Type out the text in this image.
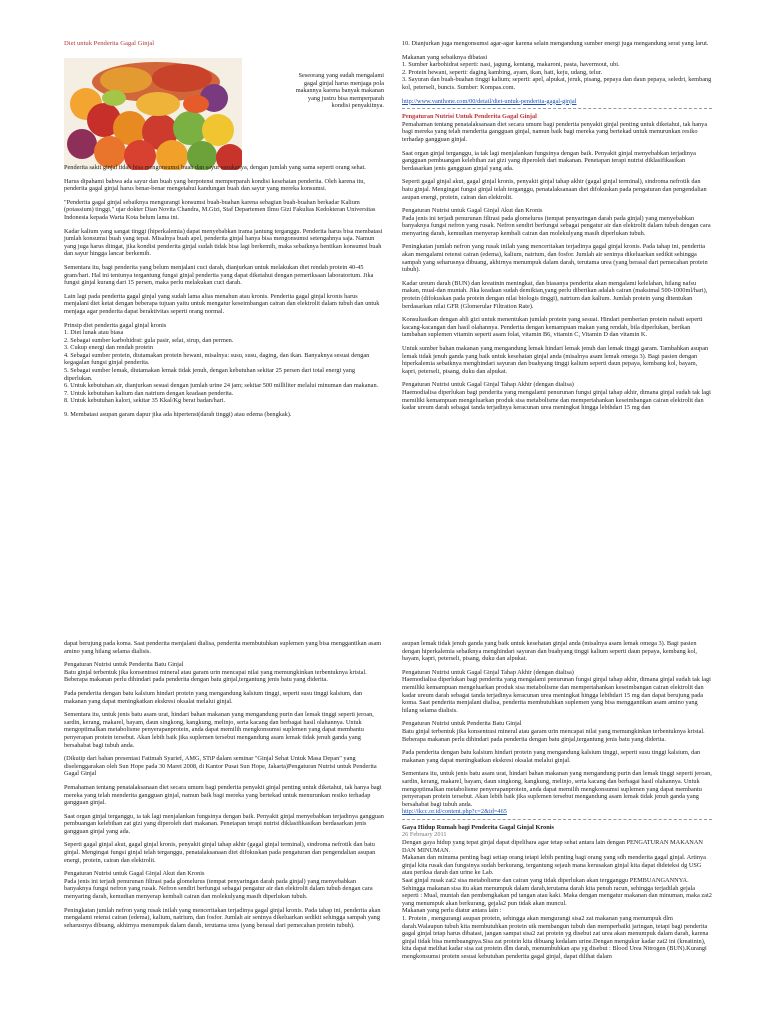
Diet untuk Penderita Gagal Ginjal

Seseorang yang sudah mengalami gagal ginjal harus menjaga pola makannya karena banyak makanan yang justru bisa memperparah kondisi penyakitnya.

Penderita sakit ginjal tidak bisa mengonsumsi buah dan sayur sesukanya, dengan jumlah yang sama seperti orang sehat.

Harus dipahami bahwa ada sayur dan buah yang berpotensi memperparah kondisi kesehatan penderita. Oleh karena itu, penderita gagal ginjal harus benar-benar mengetahui kandungan buah dan sayur yang mereka konsumsi.

"Penderita gagal ginjal sebaiknya mengurangi konsumsi buah-buahan karena sebagian buah-buahan berkadar Kalium (potassium) tinggi," ujar dokter Dian Novita Chandra, M.Gizi, Staf Departemen Ilmu Gizi Fakultas Kedokteran Universitas Indonesia kepada Warta Kota belum lama ini.

Kadar kalium yang sangat tinggi (hiperkalemia) dapat menyebabkan irama jantung terganggu. Penderita harus bisa membatasi jumlah konsumsi buah yang tepat. Misalnya buah apel, penderita ginjal hanya bisa mengonsumsi setengahnya saja. Namun yang juga harus diingat, jika kondisi penderita ginjal sudah tidak bisa lagi berkemih, maka sebaiknya hentikan konsumsi buah dan sayur hingga lancar berkemih.

Sementara itu, bagi penderita yang belum menjalani cuci darah, dianjurkan untuk melakukan diet rendah protein 40-45 gram/hari. Hal ini tentunya tergantung fungsi ginjal penderita yang dapat diketahui dengan pemeriksaan laboratorium. Jika fungsi ginjal kurang dari 15 persen, maka perlu melakukan cuci darah.

Lain lagi pada penderita gagal ginjal yang sudah lama alias menahun atau kronis. Penderita gagal ginjal kronis harus menjalani diet ketat dengan beberapa tujuan yaitu untuk mengatur keseimbangan cairan dan elektrolit dalam tubuh dan untuk menjaga agar penderita dapat beraktivitas seperti orang normal.

Prinsip diet penderita gagal ginjal kronis

1. Diet lunak atau biasa

2. Sebagai sumber karbohidrat: gula pasir, selai, sirup, dan permen.

3. Cukup energi dan rendah protein

4. Sebagai sumber protein, diutamakan protein hewani, misalnya: susu, susu, daging, dan ikan. Banyaknya sesuai dengan kegagalan fungsi ginjal penderita.

5. Sebagai sumber lemak, diutamakan lemak tidak jenuh, dengan kebutuhan sekitar 25 persen dari total energi yang diperlukan.

6. Untuk kebutuhan air, dianjurkan sesuai dengan jumlah urine 24 jam; sekitar 500 milliliter melalui minuman dan makanan.

7. Untuk kebutuhan kalium dan natrium dengan keadaan penderita.

8. Untuk kebutuhan kalori, sekitar 35 Kkal/Kg berat badan/hari.

9. Membatasi asupan garam dapur jika ada hipertensi(darah tinggi) atau edema (bengkak).

10. Dianjurkan juga mengonsumsi agar-agar karena selain mengandung sumber energi juga mengandung serat yang larut.

Makanan yang sebaiknya dibatasi

1. Sumber karbohidrat seperti: nasi, jagung, kentang, makaroni, pasta, havermout, ubi.

2. Protein hewani, seperti: daging kambing, ayam, ikan, hati, keju, udang, telur.

3. Sayuran dan buah-buahan tinggi kalium; seperti: apel, alpukat, jeruk, pisang, pepaya dan daun pepaya, seledri, kembang kol, peterseli, buncis. Sumber: Kompas.com.

http://www.vanthone.com/00/detail/diet-untuk-penderita-gagal-ginjal

Pengaturan Nutrisi Untuk Penderita Gagal Ginjal

Pemahaman tentang penatalaksanaan diet secara umum bagi penderita penyakit ginjal penting untuk diketahui, tak hanya bagi mereka yang telah menderita gangguan ginjal, namun baik bagi mereka yang bertekad untuk menurunkan resiko terhadap gangguan ginjal.

Saat organ ginjal terganggu, ia tak lagi menjalankan fungsinya dengan baik. Penyakit ginjal menyebabkan terjadinya gangguan pembuangan kelebihan zat gizi yang diperoleh dari makanan. Penetapan terapi nutrisi diklasifikasikan berdasarkan jenis gangguan ginjal yang ada.

Seperti gagal ginjal akut, gagal ginjal kronis, penyakit ginjal tahap akhir (gagal ginjal terminal), sindroma nefrotik dan batu ginjal. Mengingat fungsi ginjal telah terganggu, penatalaksanaan diet difokuskan pada pengaturan dan pengendalian asupan energi, protein, cairan dan elektrolit.

Pengaturan Nutrisi untuk Gagal Ginjal Akut dan Kronis
Pada jenis ini terjadi penurunan filtrasi pada glomelurus (tempat penyaringan darah pada ginjal) yang menyebabkan banyaknya fungsi nefron yang rusak. Nefron sendiri berfungsi sebagai pengatur air dan elektrolit dalam tubuh dengan cara menyaring darah, kemudian menyerap kembali cairan dan molekulyang masih diperlukan tubuh.

Peningkatan jumlah nefron yang rusak inilah yang menceritakan terjadinya gagal ginjal kronis. Pada tahap ini, penderita akan mengalami retensi cairan (edema), kalium, natrium, dan fosfor. Jumlah air seninya dikeluarkan sedikit sehingga sampah yang seharusnya dibuang, akhirnya menumpuk dalam darah, terutama urea (yang berasal dari pemecahan protein tubuh).

Kadar ureum darah (BUN) dan kreatinin meningkat, dan biasanya penderita akan mengalami kelelahan, hilang nafsu makan, mual-dan muntah. Jika keadaan sudah demikian,yang perlu diberikan adalah cairan (maksimal 500-1000ml/hari), protein (difokuskan pada protein dengan nilai biologis tinggi), natrium dan kalium. Jumlah protein yang ditentukan berdasarkan nilai GFR (Glomerular Filtration Rate).

Konsultasikan dengan ahli gizi untuk menentukan jumlah protein yang sesuai. Hindari pemberian protein nabati seperti kacang-kacangan dan hasil olahannya. Penderita dengan kemampuan makan yang rendah, bila diperlukan, berikan tambahan suplemen vitamin seperti asam folat, vitamin B6, vitamin C, Vitamin D dan vitamin K.

Untuk sumber bahan makanan yang mengandung lemak hindari lemak jenuh dan lemak tinggi garam. Tambahkan asupan lemak tidak jenuh ganda yang baik untuk kesehatan ginjal anda (misalnya asam lemak omega 3). Bagi pasien dengan hiperkalemia sebaiknya menghindari sayuran dan buahyang tinggi kalium seperti daun pepaya, kembang kol, bayam, kapri, peterseli, pisang, duku dan alpukat.

Pengaturan Nutrisi untuk Gagal Ginjal Tahap Akhir (dengan dialisa)
Haemodialisa diperlukan bagi penderita yang mengalami penurunan fungsi ginjal tahap akhir, dimana ginjal sudah tak lagi memiliki kemampuan mengeluarkan produk sisa metabolisme dan mempertahankan keseimbangan cairan elektrolit dan kadar ureum darah sebagai tanda terjadinya keracunan urea meningkat hingga lebihdari 15 mg dan

dapat berujung pada koma. Saat penderita menjalani dialisa, penderita membutuhkan suplemen yang bisa menggantikan asam amino yang hilang selama dialisis.

Pengaturan Nutrisi untuk Penderita Batu Ginjal
Batu ginjal terbentuk jika konsentrasi mineral atau garam urin mencapai nilai yang memungkinkan terbentuknya kristal. Beberapa makanan perlu dihindari pada penderita dengan batu ginjal,tergantung jenis batu yang diderita.

Pada penderita dengan batu kalsium hindari protein yang mengandung kalsium tinggi, seperti susu tinggi kalsium, dan makanan yang dapat meningkatkan ekskresi oksalat melalui ginjal.

Sementara itu, untuk jenis batu asam urat, hindari bahan makanan yang mengandung purin dan lemak tinggi seperti jeroan, sardin, kerang, makarel, bayam, daun singkong, kangkung, melinjo, serta kacang dan berbagai hasil olahannya. Untuk mengoptimalkan metabolisme penyerapanprotein, anda dapat memilih mengkonsumsi suplemen yang dapat membantu penyerapan protein tersebut. Akan lebih baik jika suplemen tersebut mengandung asam lemak tidak jenuh ganda yang bersahabat bagi tubuh anda.

(Dikutip dari bahan presentasi Fatimah Syarief, AMG, STiP dalam seminar "Ginjal Sehat Untuk Masa Depan" yang diselenggarakan oleh Sun Hope pada 30 Maret 2008, di Kantor Pusat Sun Hope, Jakarta)Pengaturan Nutrisi untuk Penderita Gagal Ginjal

Pemahaman tentang penatalaksanaan diet secara umum bagi penderita penyakit ginjal penting untuk diketahui, tak hanya bagi mereka yang telah menderita gangguan ginjal, namun baik bagi mereka yang bertekad untuk menurunkan resiko terhadap gangguan ginjal.

Saat organ ginjal terganggu, ia tak lagi menjalankan fungsinya dengan baik. Penyakit ginjal menyebabkan terjadinya gangguan pembuangan kelebihan zat gizi yang diperoleh dari makanan. Penetapan terapi nutrisi diklasifikasikan berdasarkan jenis gangguan ginjal yang ada.

Seperti gagal ginjal akut, gagal ginjal kronis, penyakit ginjal tahap akhir (gagal ginjal terminal), sindroma nefrotik dan batu ginjal. Mengingat fungsi ginjal telah terganggu, penatalaksanaan diet difokuskan pada pengaturan dan pengendalian asupan energi, protein, cairan dan elektrolit.

Pengaturan Nutrisi untuk Gagal Ginjal Akut dan Kronis
Pada jenis ini terjadi penurunan filtrasi pada glomelurus (tempat penyaringan darah pada ginjal) yang menyebabkan banyaknya fungsi nefron yang rusak. Nefron sendiri berfungsi sebagai pengatur air dan elektrolit dalam tubuh dengan cara menyaring darah, kemudian menyerap kembali cairan dan molekulyang masih diperlukan tubuh.

Peningkatan jumlah nefron yang rusak inilah yang menceritakan terjadinya gagal ginjal kronis. Pada tahap ini, penderita akan mengalami retensi cairan (edema), kalium, natrium, dan fosfor. Jumlah air seninya dikeluarkan sedikit sehingga sampah yang seharusnya dibuang, akhirnya menumpuk dalam darah, terutama urea (yang berasal dari pemecahan protein tubuh).

asupan lemak tidak jenuh ganda yang baik untuk kesehatan ginjal anda (misalnya asam lemak omega 3). Bagi pasien dengan hiperkalemia sebaiknya menghindari sayuran dan buahyang tinggi kalium seperti daun pepaya, kembang kol, bayam, kapri, peterseli, pisang, duku dan alpukat.

Pengaturan Nutrisi untuk Gagal Ginjal Tahap Akhir (dengan dialisa)
Haemodialisa diperlukan bagi penderita yang mengalami penurunan fungsi ginjal tahap akhir, dimana ginjal sudah tak lagi memiliki kemampuan mengeluarkan produk sisa metabolisme dan mempertahankan keseimbangan cairan elektrolit dan kadar ureum darah sebagai tanda terjadinya keracunan urea meningkat hingga lebihdari 15 mg dan dapat berujung pada koma. Saat penderita menjalani dialisa, penderita membutuhkan suplemen yang bisa menggantikan asam amino yang hilang selama dialisis.

Pengaturan Nutrisi untuk Penderita Batu Ginjal
Batu ginjal terbentuk jika konsentrasi mineral atau garam urin mencapai nilai yang memungkinkan terbentuknya kristal. Beberapa makanan perlu dihindari pada penderita dengan batu ginjal,tergantung jenis batu yang diderita.

Pada penderita dengan batu kalsium hindari protein yang mengandung kalsium tinggi, seperti susu tinggi kalsium, dan makanan yang dapat meningkatkan ekskresi oksalat melalui ginjal.

Sementara itu, untuk jenis batu asam urat, hindari bahan makanan yang mengandung purin dan lemak tinggi seperti jeroan, sardin, kerang, makarel, bayam, daun singkong, kangkung, melinjo, serta kacang dan berbagai hasil olahannya. Untuk mengoptimalkan metabolisme penyerapanprotein, anda dapat memilih mengkonsumsi suplemen yang dapat membantu penyerapan protein tersebut. Akan lebih baik jika suplemen tersebut mengandung asam lemak tidak jenuh ganda yang bersahabat bagi tubuh anda.

http://ikcc.or.id/content.php?c=2&id=465

Gaya Hidup Rumah bagi Penderita Gagal Ginjal Kronis

26 February 2011

Dengan gaya hidup yang tepat ginjal dapat dipelihara agar tetap sehat antara lain dengan PENGATURAN MAKANAN DAN MINUMAN.

Makanan dan minuma penting bagi setiap orang tetapi lebih penting bagi orang yang sdh menderita gagal ginjal. Artinya ginjal kita rusak dan fungsinya sudah berkurang, tergantung sejauh mana kerusakan ginjal kita dapat dideteksi dg USG atau periksa darah dan urine ke Lab.

Saat ginjal rusak zat2 sisa metabolisme dan cairan yang tidak diperlukan akan tergganggu PEMBUANGANNYA. Sehingga makanan sisa itu akan menumpuk dalam darah,terutama darah kita penuh racun, sehingga terjadilah gejala seperti : Mual, muntah dan pembengkakan pd tangan atau kaki. Maka dengan mengatur makanan dan minuman, maka zat2 yang menumpuk akan berkurang, gejala2 pun tidak akan muncul.

Makanan yang perlu diatur antara lain :

1. Protein , mengurangi asupan protein, sehingga akan mengurangi sisa2 zat makanan yang menumpuk dlm darah.Walaupun tubuh kita membutuhkan protein utk membangun tubuh dan memperbaiki jaringan, tetapi bagi penderita gagal ginjal tetap harus dibatasi, jangan sampai sisa2 zat protein yg disebut zat urea akan menumpuk dalam darah, karena ginjal tidak bisa membuangnya.Sisa zat protein kita dibuang kedalam urine.Dengan mengukur kadar zat2 ini (kreatinin), kita dapat melihat kadar sisa zat protein dlm darah, menumbuhkan apa yg disebut : Blood Urea Nitrogen (BUN).Kurangi mengkonsumsi protein sesuai kebutuhan penderita gagal ginjal, dapat dilihat dalam
